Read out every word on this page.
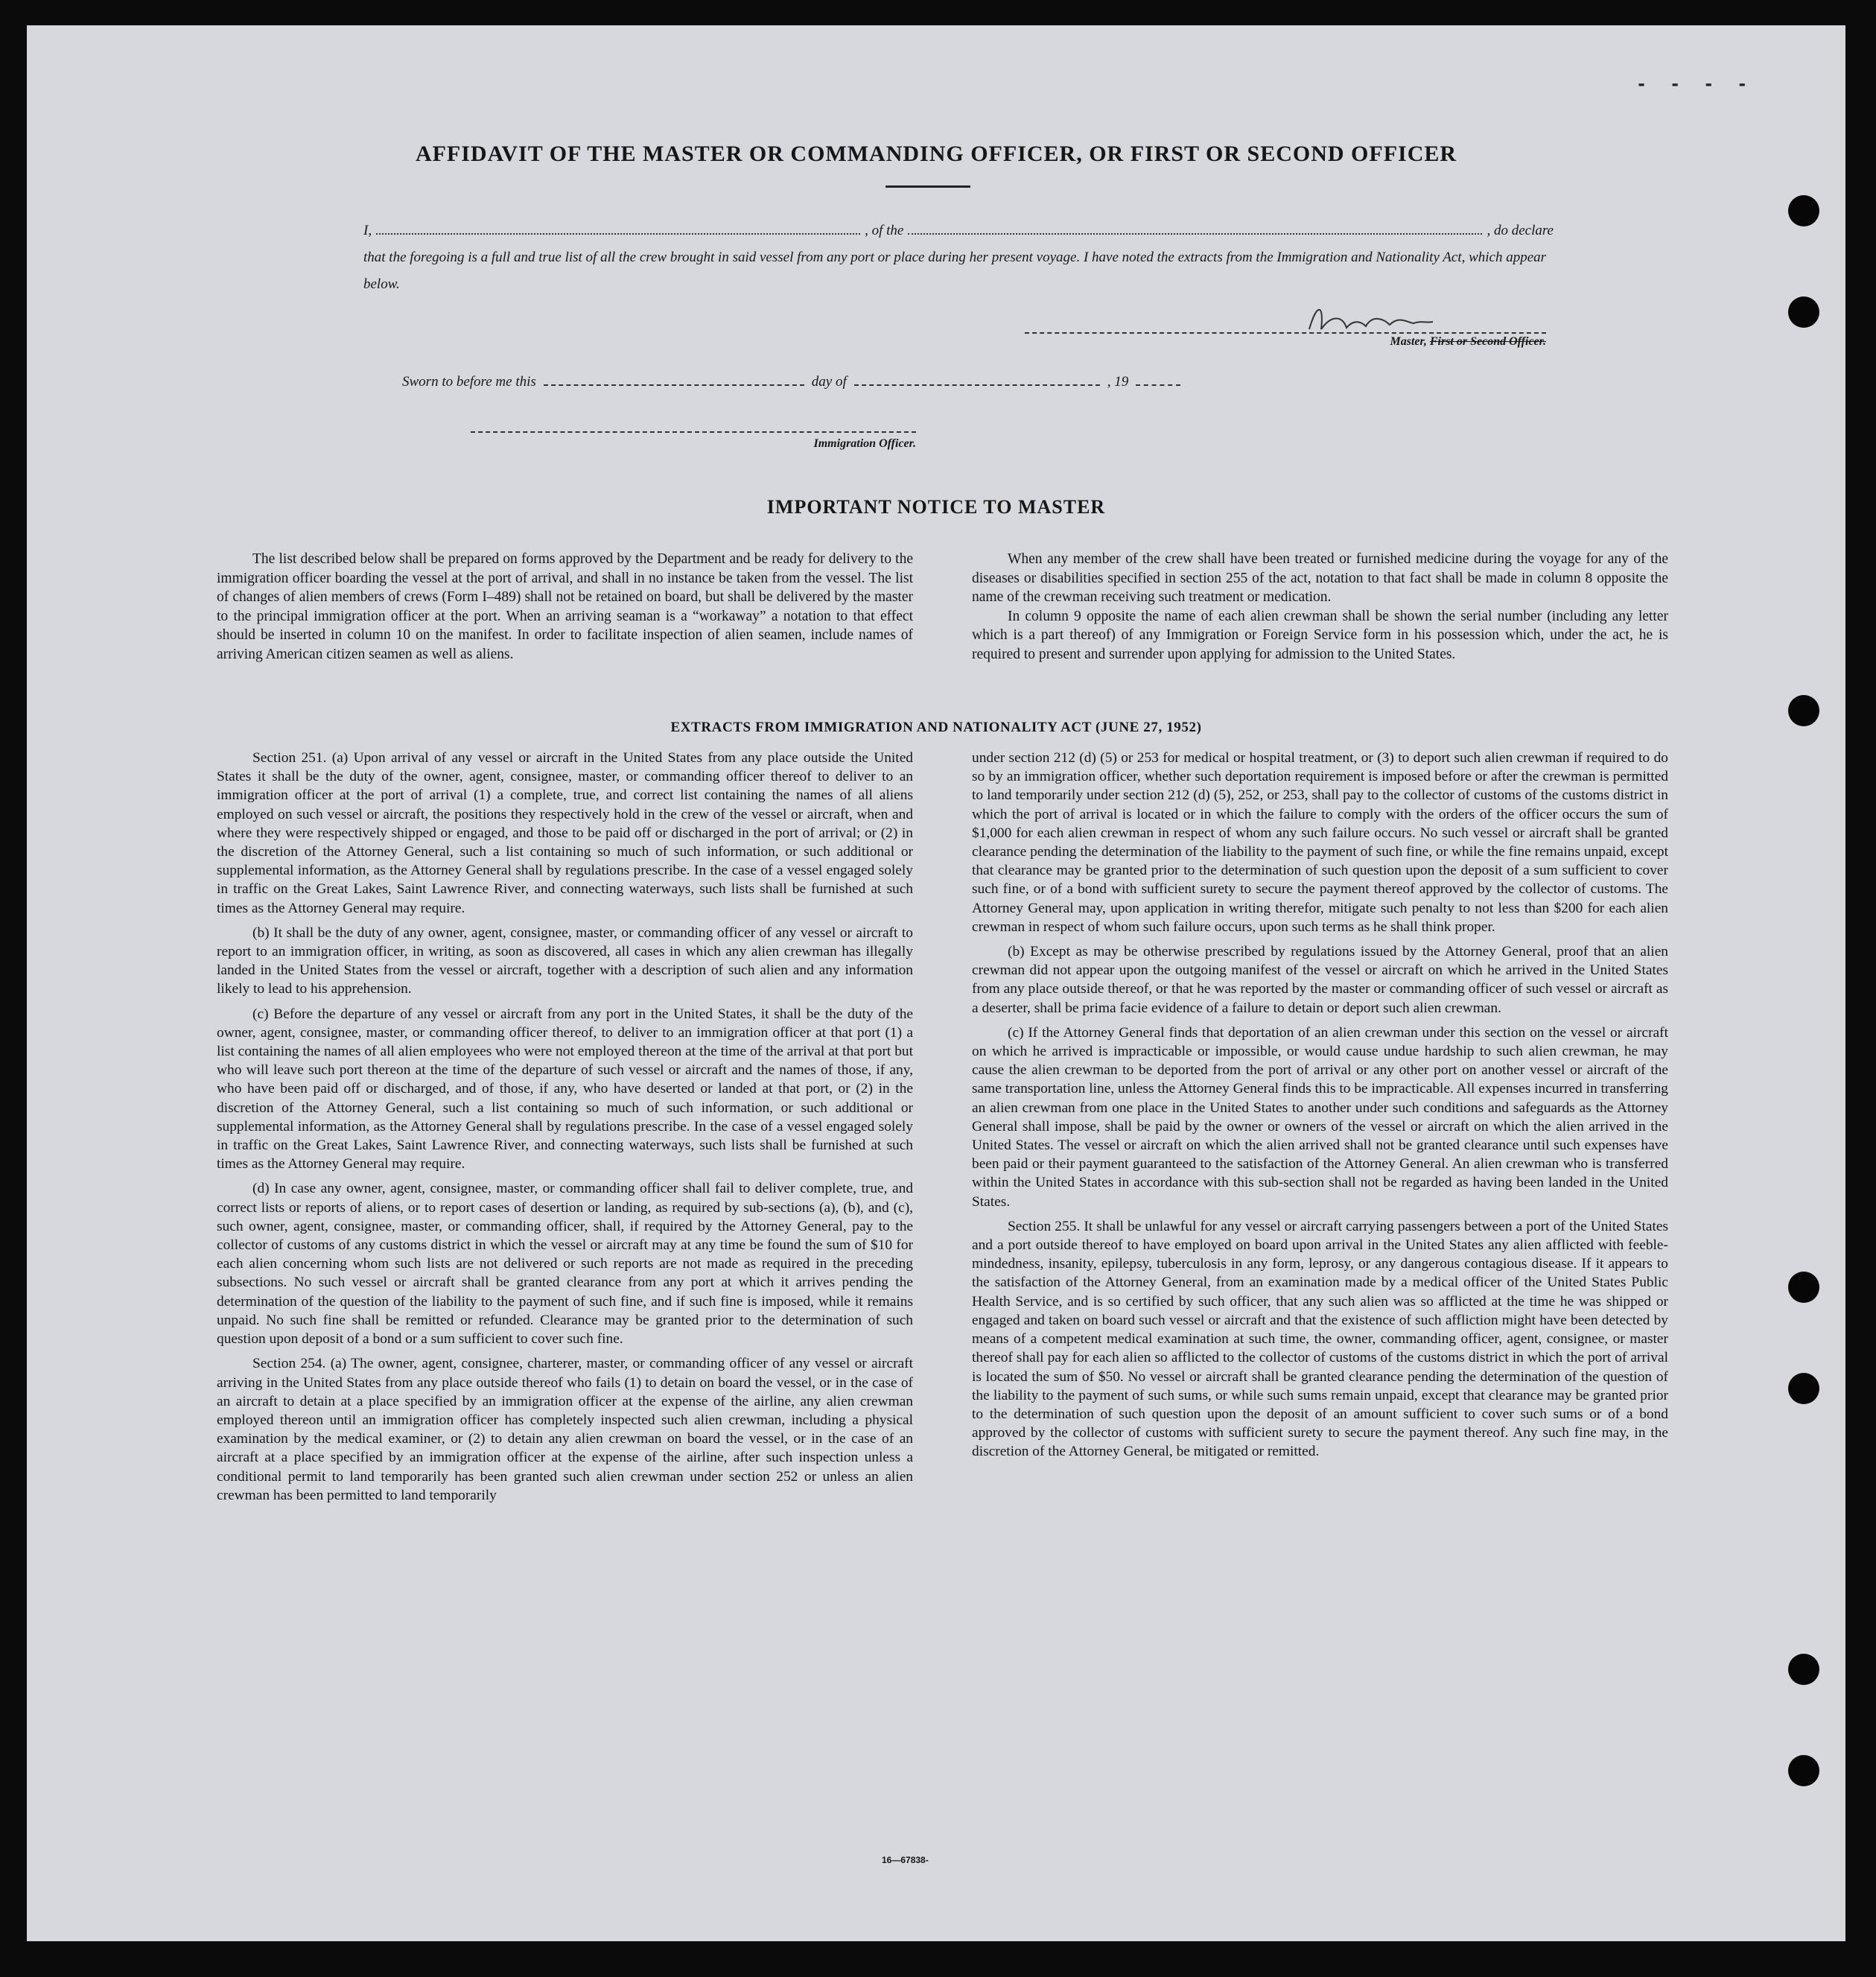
- - - -
AFFIDAVIT OF THE MASTER OR COMMANDING OFFICER, OR FIRST OR SECOND OFFICER
I,	, of the	, do declare
that the foregoing is a full and true list of all the crew brought in said vessel from any port or place during her present voyage. I have noted the extracts from the Immigration and Nationality Act, which appear below.
Master, First or Second Officer.
Sworn to before me this	day of	, 19
Immigration Officer.
IMPORTANT NOTICE TO MASTER

The list described below shall be prepared on forms approved by the Department and be ready for delivery to the immigration officer boarding the vessel at the port of arrival, and shall in no instance be taken from the vessel. The list of changes of alien members of crews (Form I–489) shall not be retained on board, but shall be delivered by the master to the principal immigration officer at the port. When an arriving seaman is a “workaway” a notation to that effect should be inserted in column 10 on the manifest. In order to facilitate inspection of alien seamen, include names of arriving American citizen seamen as well as aliens.

When any member of the crew shall have been treated or furnished medicine during the voyage for any of the diseases or disabilities specified in section 255 of the act, notation to that fact shall be made in column 8 opposite the name of the crewman receiving such treatment or medication.

In column 9 opposite the name of each alien crewman shall be shown the serial number (including any letter which is a part thereof) of any Immigration or Foreign Service form in his possession which, under the act, he is required to present and surrender upon applying for admission to the United States.

EXTRACTS FROM IMMIGRATION AND NATIONALITY ACT (JUNE 27, 1952)

Section 251. (a) Upon arrival of any vessel or aircraft in the United States from any place outside the United States it shall be the duty of the owner, agent, consignee, master, or commanding officer thereof to deliver to an immigration officer at the port of arrival (1) a complete, true, and correct list containing the names of all aliens employed on such vessel or aircraft, the positions they respectively hold in the crew of the vessel or aircraft, when and where they were respectively shipped or engaged, and those to be paid off or discharged in the port of arrival; or (2) in the discretion of the Attorney General, such a list containing so much of such information, or such additional or supplemental information, as the Attorney General shall by regulations prescribe. In the case of a vessel engaged solely in traffic on the Great Lakes, Saint Lawrence River, and connecting waterways, such lists shall be furnished at such times as the Attorney General may require.

(b) It shall be the duty of any owner, agent, consignee, master, or commanding officer of any vessel or aircraft to report to an immigration officer, in writing, as soon as discovered, all cases in which any alien crewman has illegally landed in the United States from the vessel or aircraft, together with a description of such alien and any information likely to lead to his apprehension.

(c) Before the departure of any vessel or aircraft from any port in the United States, it shall be the duty of the owner, agent, consignee, master, or commanding officer thereof, to deliver to an immigration officer at that port (1) a list containing the names of all alien employees who were not employed thereon at the time of the arrival at that port but who will leave such port thereon at the time of the departure of such vessel or aircraft and the names of those, if any, who have been paid off or discharged, and of those, if any, who have deserted or landed at that port, or (2) in the discretion of the Attorney General, such a list containing so much of such information, or such additional or supplemental information, as the Attorney General shall by regulations prescribe. In the case of a vessel engaged solely in traffic on the Great Lakes, Saint Lawrence River, and connecting waterways, such lists shall be furnished at such times as the Attorney General may require.

(d) In case any owner, agent, consignee, master, or commanding officer shall fail to deliver complete, true, and correct lists or reports of aliens, or to report cases of desertion or landing, as required by sub-sections (a), (b), and (c), such owner, agent, consignee, master, or commanding officer, shall, if required by the Attorney General, pay to the collector of customs of any customs district in which the vessel or aircraft may at any time be found the sum of $10 for each alien concerning whom such lists are not delivered or such reports are not made as required in the preceding subsections. No such vessel or aircraft shall be granted clearance from any port at which it arrives pending the determination of the question of the liability to the payment of such fine, and if such fine is imposed, while it remains unpaid. No such fine shall be remitted or refunded. Clearance may be granted prior to the determination of such question upon deposit of a bond or a sum sufficient to cover such fine.

Section 254. (a) The owner, agent, consignee, charterer, master, or commanding officer of any vessel or aircraft arriving in the United States from any place outside thereof who fails (1) to detain on board the vessel, or in the case of an aircraft to detain at a place specified by an immigration officer at the expense of the airline, any alien crewman employed thereon until an immigration officer has completely inspected such alien crewman, including a physical examination by the medical examiner, or (2) to detain any alien crewman on board the vessel, or in the case of an aircraft at a place specified by an immigration officer at the expense of the airline, after such inspection unless a conditional permit to land temporarily has been granted such alien crewman under section 252 or unless an alien crewman has been permitted to land temporarily

under section 212 (d) (5) or 253 for medical or hospital treatment, or (3) to deport such alien crewman if required to do so by an immigration officer, whether such deportation requirement is imposed before or after the crewman is permitted to land temporarily under section 212 (d) (5), 252, or 253, shall pay to the collector of customs of the customs district in which the port of arrival is located or in which the failure to comply with the orders of the officer occurs the sum of $1,000 for each alien crewman in respect of whom any such failure occurs. No such vessel or aircraft shall be granted clearance pending the determination of the liability to the payment of such fine, or while the fine remains unpaid, except that clearance may be granted prior to the determination of such question upon the deposit of a sum sufficient to cover such fine, or of a bond with sufficient surety to secure the payment thereof approved by the collector of customs. The Attorney General may, upon application in writing therefor, mitigate such penalty to not less than $200 for each alien crewman in respect of whom such failure occurs, upon such terms as he shall think proper.

(b) Except as may be otherwise prescribed by regulations issued by the Attorney General, proof that an alien crewman did not appear upon the outgoing manifest of the vessel or aircraft on which he arrived in the United States from any place outside thereof, or that he was reported by the master or commanding officer of such vessel or aircraft as a deserter, shall be prima facie evidence of a failure to detain or deport such alien crewman.

(c) If the Attorney General finds that deportation of an alien crewman under this section on the vessel or aircraft on which he arrived is impracticable or impossible, or would cause undue hardship to such alien crewman, he may cause the alien crewman to be deported from the port of arrival or any other port on another vessel or aircraft of the same transportation line, unless the Attorney General finds this to be impracticable. All expenses incurred in transferring an alien crewman from one place in the United States to another under such conditions and safeguards as the Attorney General shall impose, shall be paid by the owner or owners of the vessel or aircraft on which the alien arrived in the United States. The vessel or aircraft on which the alien arrived shall not be granted clearance until such expenses have been paid or their payment guaranteed to the satisfaction of the Attorney General. An alien crewman who is transferred within the United States in accordance with this sub-section shall not be regarded as having been landed in the United States.

Section 255. It shall be unlawful for any vessel or aircraft carrying passengers between a port of the United States and a port outside thereof to have employed on board upon arrival in the United States any alien afflicted with feeble-mindedness, insanity, epilepsy, tuberculosis in any form, leprosy, or any dangerous contagious disease. If it appears to the satisfaction of the Attorney General, from an examination made by a medical officer of the United States Public Health Service, and is so certified by such officer, that any such alien was so afflicted at the time he was shipped or engaged and taken on board such vessel or aircraft and that the existence of such affliction might have been detected by means of a competent medical examination at such time, the owner, commanding officer, agent, consignee, or master thereof shall pay for each alien so afflicted to the collector of customs of the customs district in which the port of arrival is located the sum of $50. No vessel or aircraft shall be granted clearance pending the determination of the question of the liability to the payment of such sums, or while such sums remain unpaid, except that clearance may be granted prior to the determination of such question upon the deposit of an amount sufficient to cover such sums or of a bond approved by the collector of customs with sufficient surety to secure the payment thereof. Any such fine may, in the discretion of the Attorney General, be mitigated or remitted.

16—67838-
